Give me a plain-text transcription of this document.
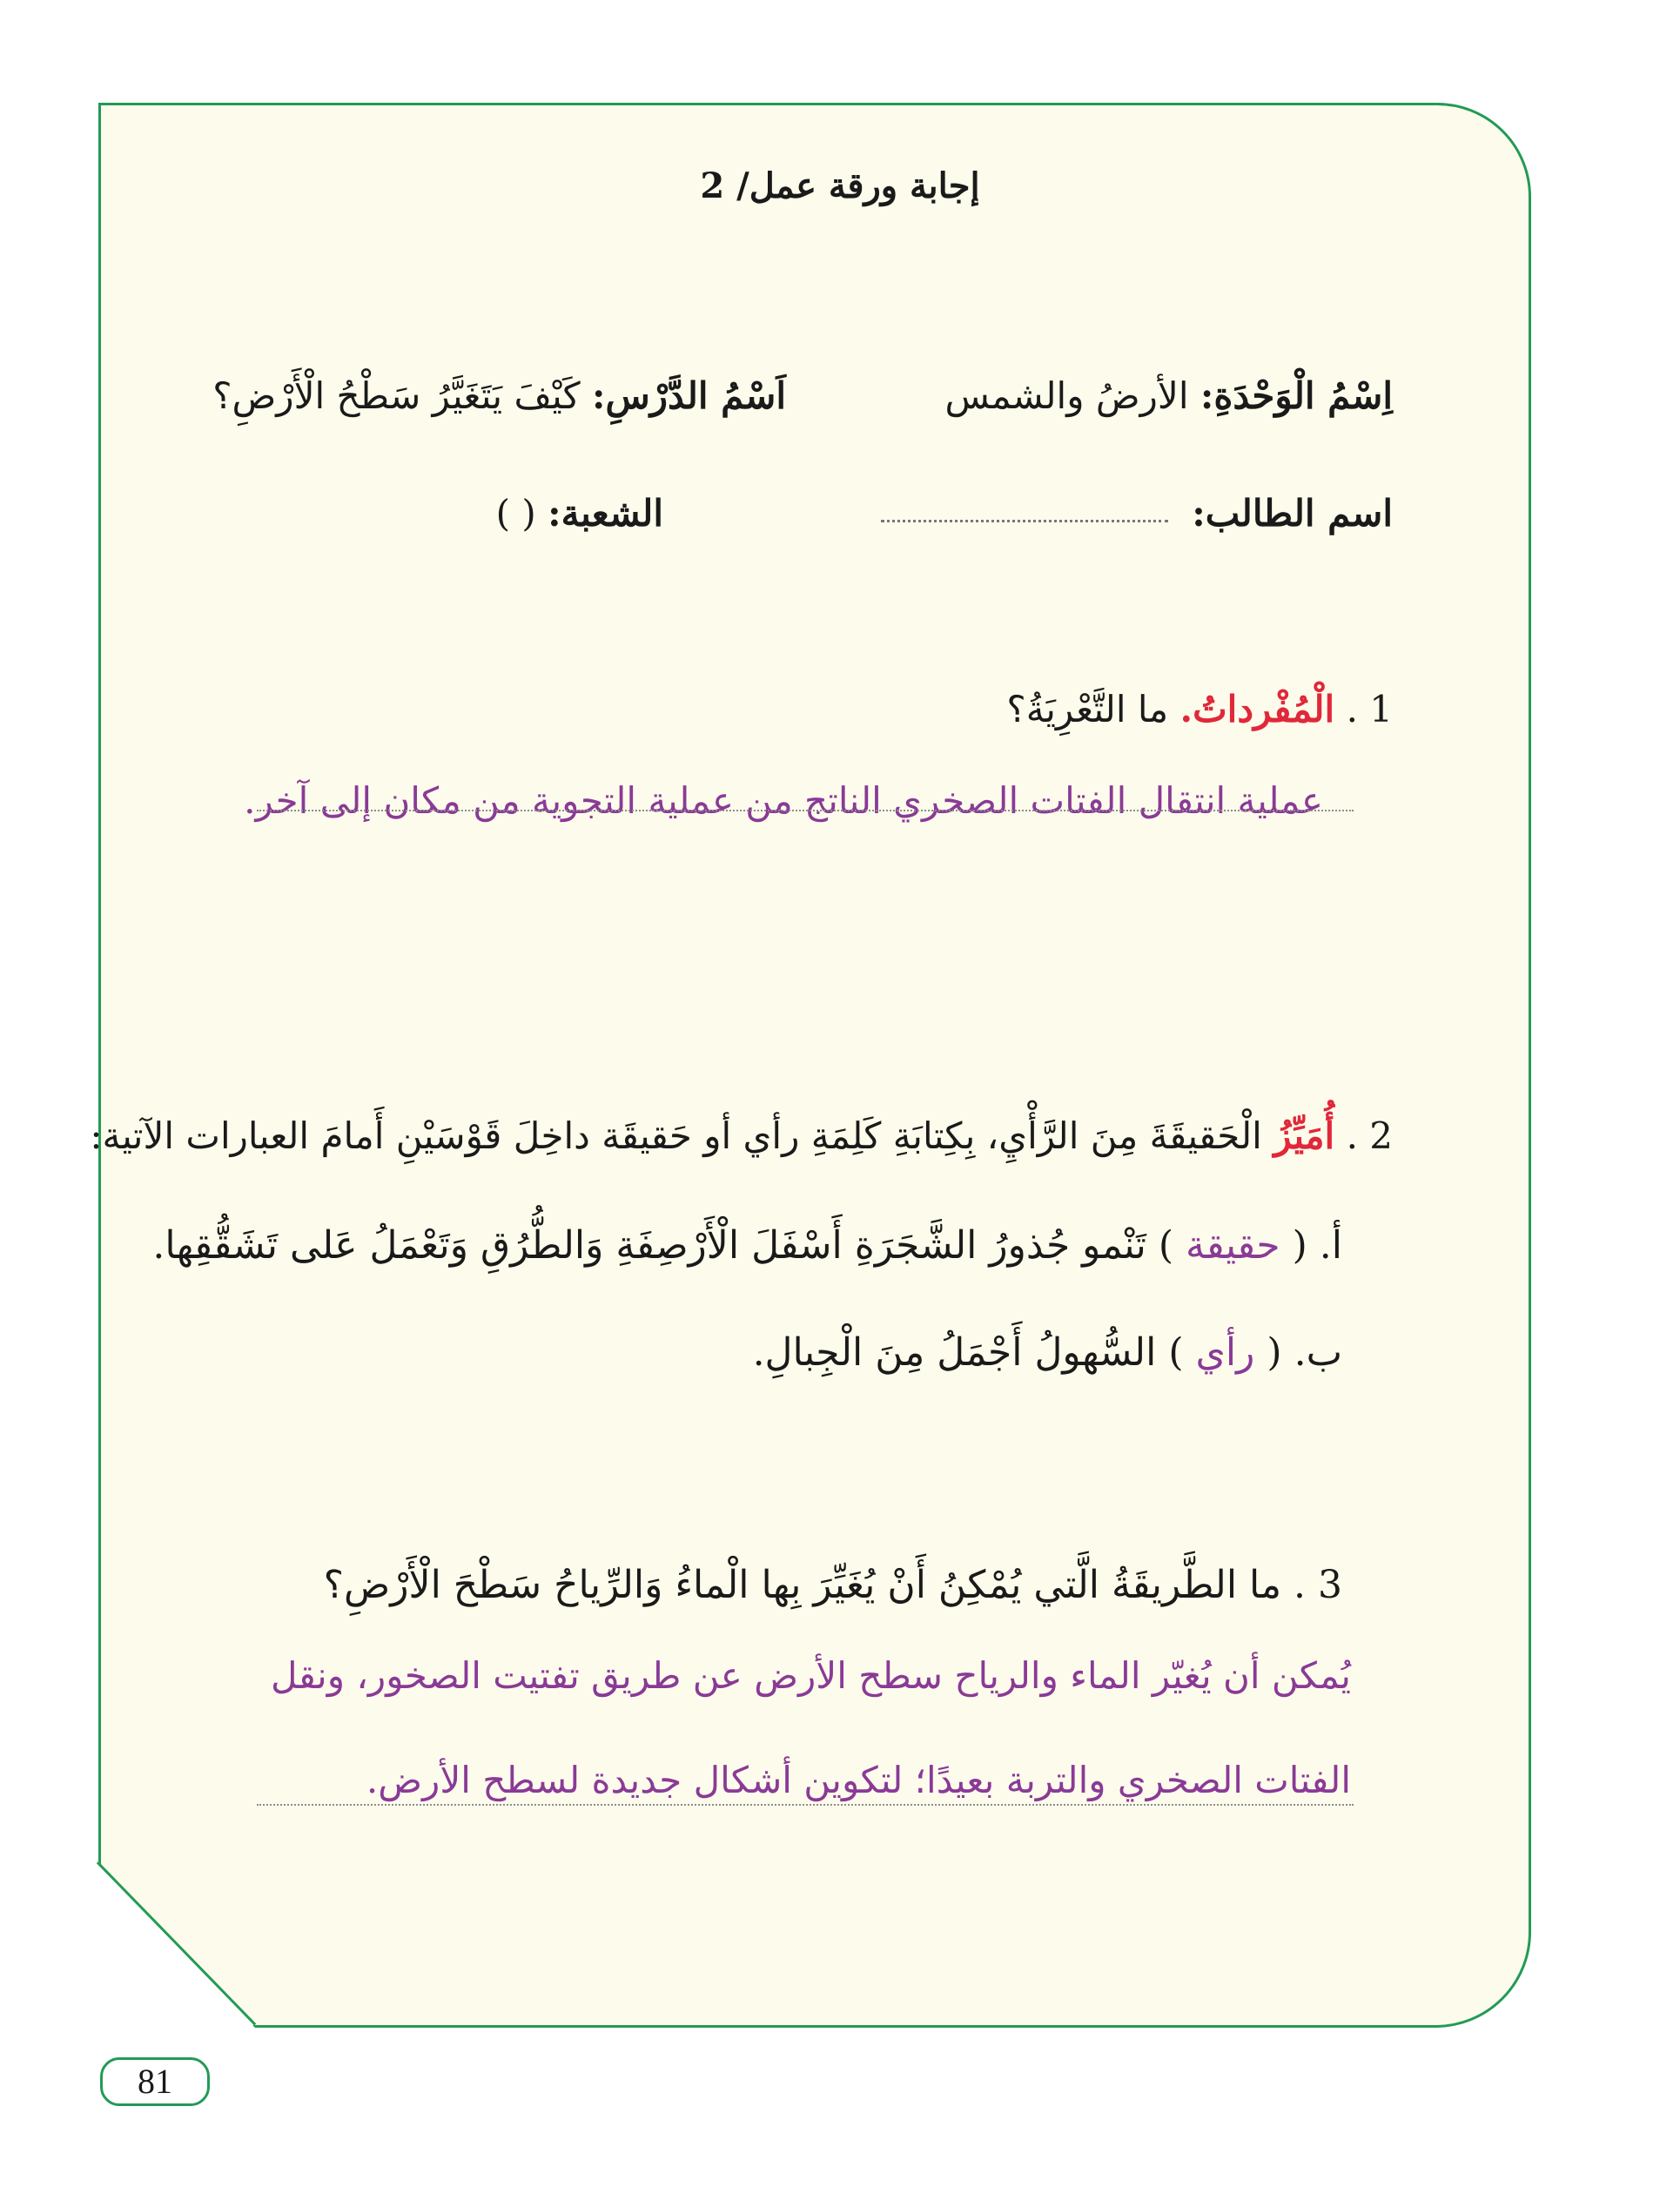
إجابة ورقة عمل/ 2
اِسْمُ الْوَحْدَةِ: الأرضُ والشمس
اَسْمُ الدَّرْسِ: كَيْفَ يَتَغَيَّرُ سَطْحُ الْأَرْضِ؟
اسم الطالب:
الشعبة: ( )
1 . الْمُفْرداتُ. ما التَّعْرِيَةُ؟
عملية انتقال الفتات الصخري الناتج من عملية التجوية من مكان إلى آخر.
2 . أُمَيِّزُ الْحَقيقَةَ مِنَ الرَّأْيِ، بِكِتابَةِ كَلِمَةِ رأي أو حَقيقَة داخِلَ قَوْسَيْنِ أَمامَ العبارات الآتية:
أ. ( حقيقة ) تَنْمو جُذورُ الشَّجَرَةِ أَسْفَلَ الْأَرْصِفَةِ وَالطُّرُقِ وَتَعْمَلُ عَلى تَشَقُّقِها.
ب. ( رأي ) السُّهولُ أَجْمَلُ مِنَ الْجِبالِ.
3 . ما الطَّريقَةُ الَّتي يُمْكِنُ أَنْ يُغَيِّرَ بِها الْماءُ وَالرِّياحُ سَطْحَ الْأَرْضِ؟
يُمكن أن يُغيّر الماء والرياح سطح الأرض عن طريق تفتيت الصخور، ونقل
الفتات الصخري والتربة بعيدًا؛ لتكوين أشكال جديدة لسطح الأرض.
81
